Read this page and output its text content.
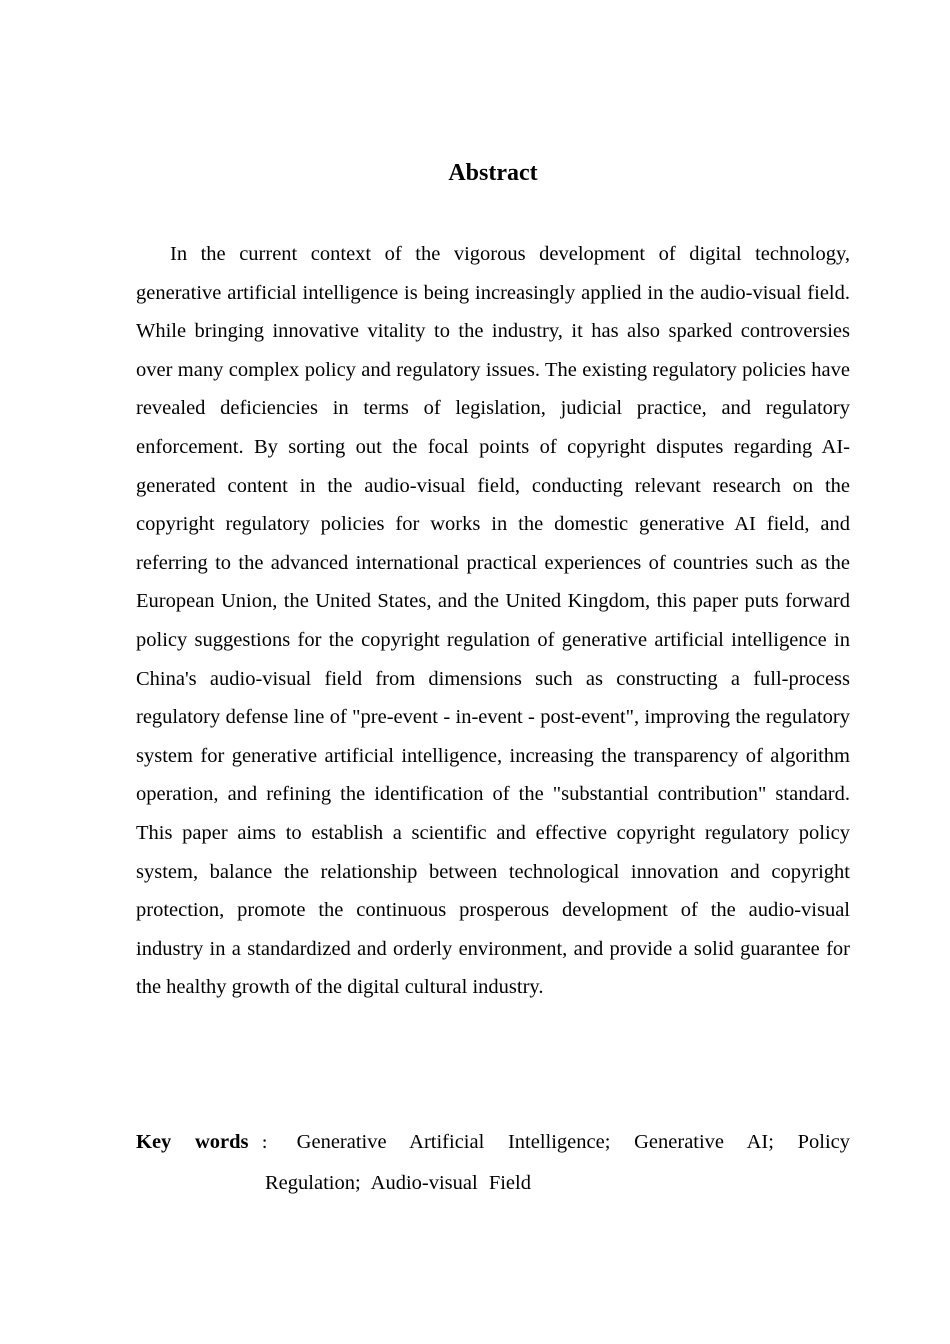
Abstract

In the current context of the vigorous development of digital technology, generative artificial intelligence is being increasingly applied in the audio-visual field. While bringing innovative vitality to the industry, it has also sparked controversies over many complex policy and regulatory issues. The existing regulatory policies have revealed deficiencies in terms of legislation, judicial practice, and regulatory enforcement. By sorting out the focal points of copyright disputes regarding AI-generated content in the audio-visual field, conducting relevant research on the copyright regulatory policies for works in the domestic generative AI field, and referring to the advanced international practical experiences of countries such as the European Union, the United States, and the United Kingdom, this paper puts forward policy suggestions for the copyright regulation of generative artificial intelligence in China's audio-visual field from dimensions such as constructing a full-process regulatory defense line of "pre-event - in-event - post-event", improving the regulatory system for generative artificial intelligence, increasing the transparency of algorithm operation, and refining the identification of the "substantial contribution" standard. This paper aims to establish a scientific and effective copyright regulatory policy system, balance the relationship between technological innovation and copyright protection, promote the continuous prosperous development of the audio-visual industry in a standardized and orderly environment, and provide a solid guarantee for the healthy growth of the digital cultural industry.

Key words： Generative Artificial Intelligence; Generative AI; Policy Regulation; Audio-visual Field
